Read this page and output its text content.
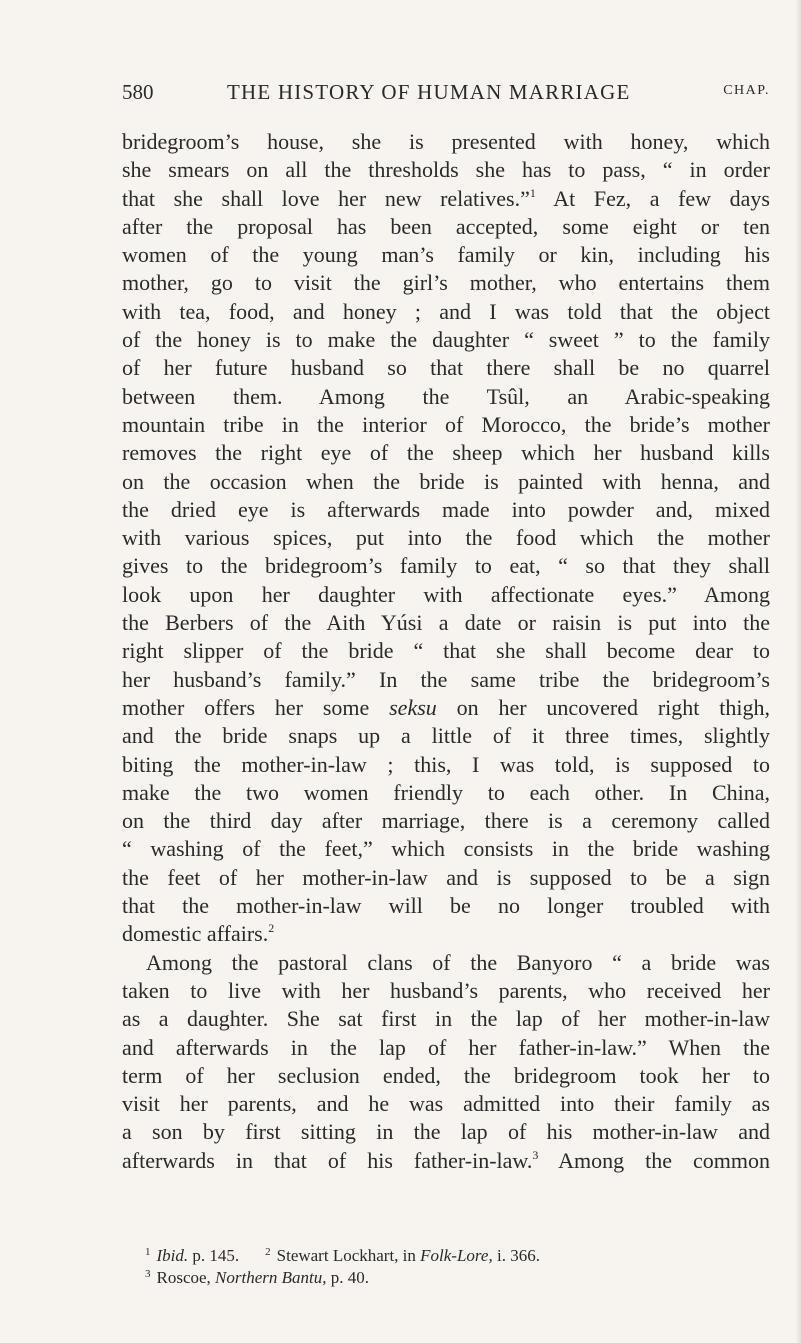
580	THE HISTORY OF HUMAN MARRIAGE	CHAP.
bridegroom’s house, she is presented with honey, which
she smears on all the thresholds she has to pass, “ in order
that she shall love her new relatives.”$^1$ At Fez, a few days
after the proposal has been accepted, some eight or ten
women of the young man’s family or kin, including his
mother, go to visit the girl’s mother, who entertains them
with tea, food, and honey ; and I was told that the object
of the honey is to make the daughter “ sweet ” to the family
of her future husband so that there shall be no quarrel
between them. Among the Tsûl, an Arabic-speaking
mountain tribe in the interior of Morocco, the bride’s mother
removes the right eye of the sheep which her husband kills
on the occasion when the bride is painted with henna, and
the dried eye is afterwards made into powder and, mixed
with various spices, put into the food which the mother
gives to the bridegroom’s family to eat, “ so that they shall
look upon her daughter with affectionate eyes.” Among
the Berbers of the Aith Yúsi a date or raisin is put into the
right slipper of the bride “ that she shall become dear to
her husband’s family.” In the same tribe the bridegroom’s
mother offers her some seksu on her uncovered right thigh,
and the bride snaps up a little of it three times, slightly
biting the mother-in-law ; this, I was told, is supposed to
make the two women friendly to each other. In China,
on the third day after marriage, there is a ceremony called
“ washing of the feet,” which consists in the bride washing
the feet of her mother-in-law and is supposed to be a sign
that the mother-in-law will be no longer troubled with
domestic affairs.$^2$
Among the pastoral clans of the Banyoro “ a bride was
taken to live with her husband’s parents, who received her
as a daughter. She sat first in the lap of her mother-in-law
and afterwards in the lap of her father-in-law.” When the
term of her seclusion ended, the bridegroom took her to
visit her parents, and he was admitted into their family as
a son by first sitting in the lap of his mother-in-law and
afterwards in that of his father-in-law.$^3$ Among the common
$^1$ Ibid. p. 145. $^2$ Stewart Lockhart, in Folk-Lore, i. 366.
$^3$ Roscoe, Northern Bantu, p. 40.
